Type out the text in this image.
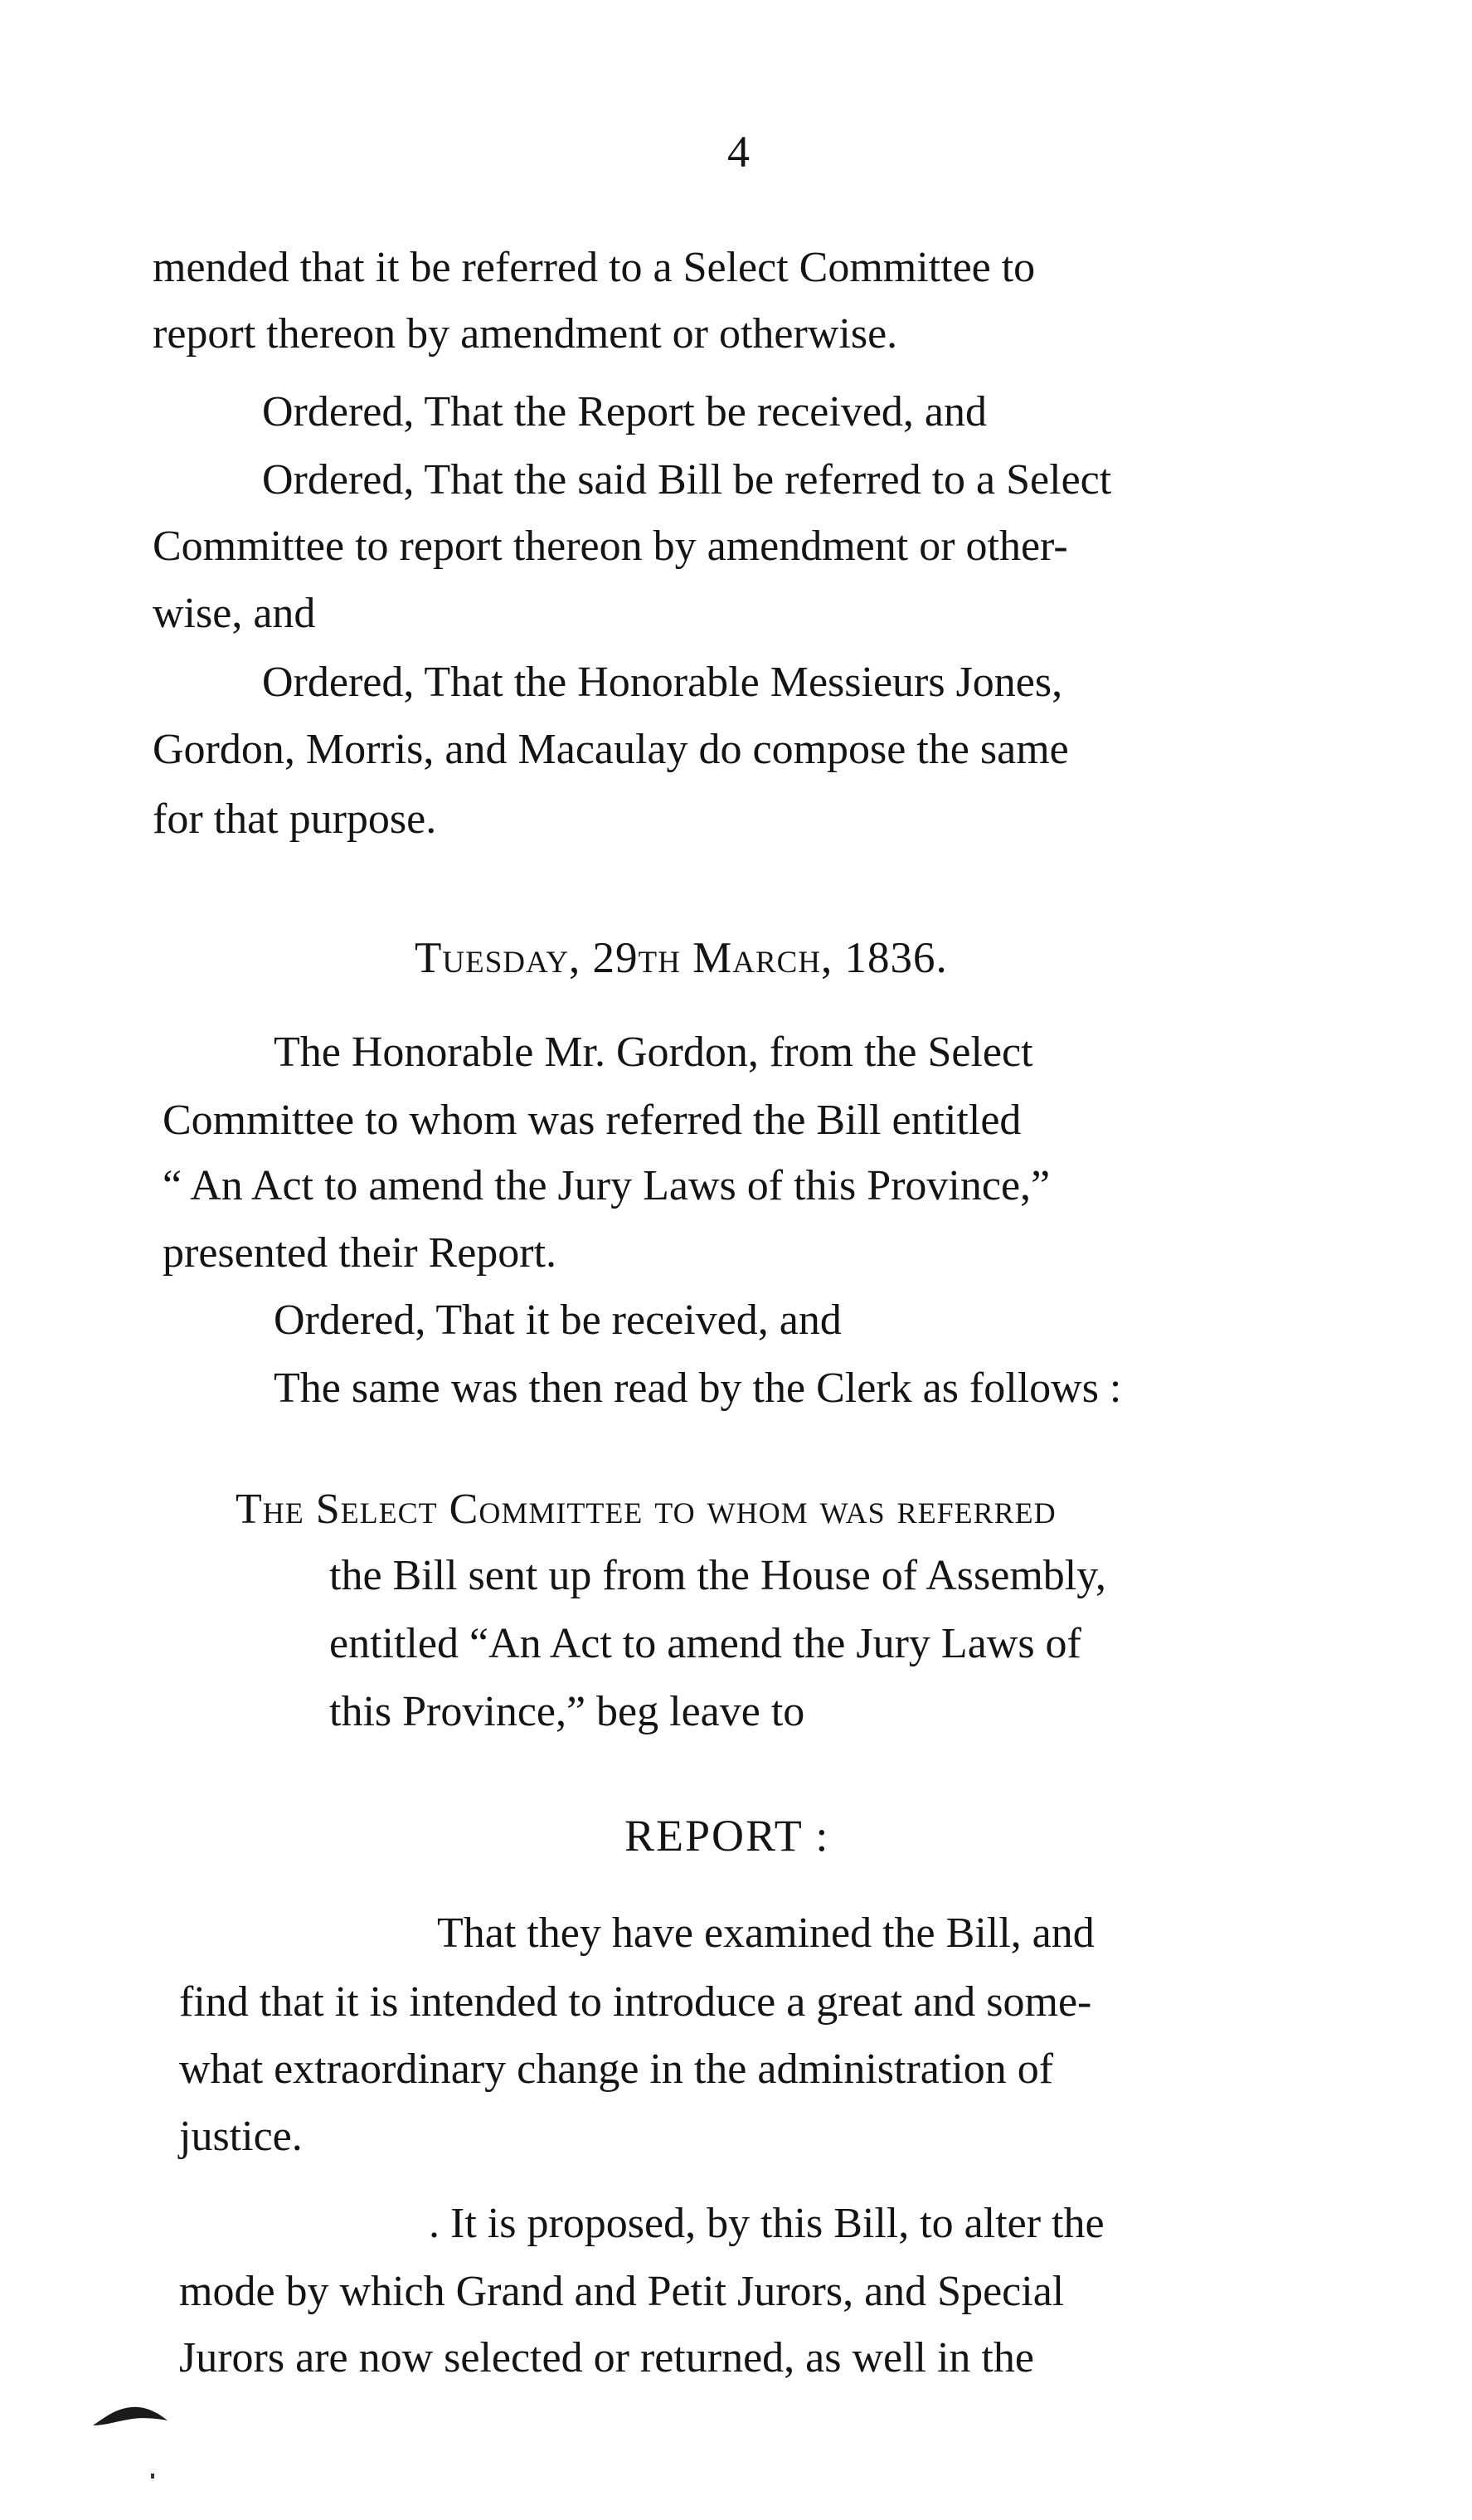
4
mended that it be referred to a Select Committee to
report thereon by amendment or otherwise.
Ordered, That the Report be received, and
Ordered, That the said Bill be referred to a Select
Committee to report thereon by amendment or other-
wise, and
Ordered, That the Honorable Messieurs Jones,
Gordon, Morris, and Macaulay do compose the same
for that purpose.
Tuesday, 29th March, 1836.
The Honorable Mr. Gordon, from the Select
Committee to whom was referred the Bill entitled
“ An Act to amend the Jury Laws of this Province,”
presented their Report.
Ordered, That it be received, and
The same was then read by the Clerk as follows :
The Select Committee to whom was referred
the Bill sent up from the House of Assembly,
entitled “An Act to amend the Jury Laws of
this Province,” beg leave to
REPORT :
That they have examined the Bill, and
find that it is intended to introduce a great and some-
what extraordinary change in the administration of
justice.
. It is proposed, by this Bill, to alter the
mode by which Grand and Petit Jurors, and Special
Jurors are now selected or returned, as well in the
